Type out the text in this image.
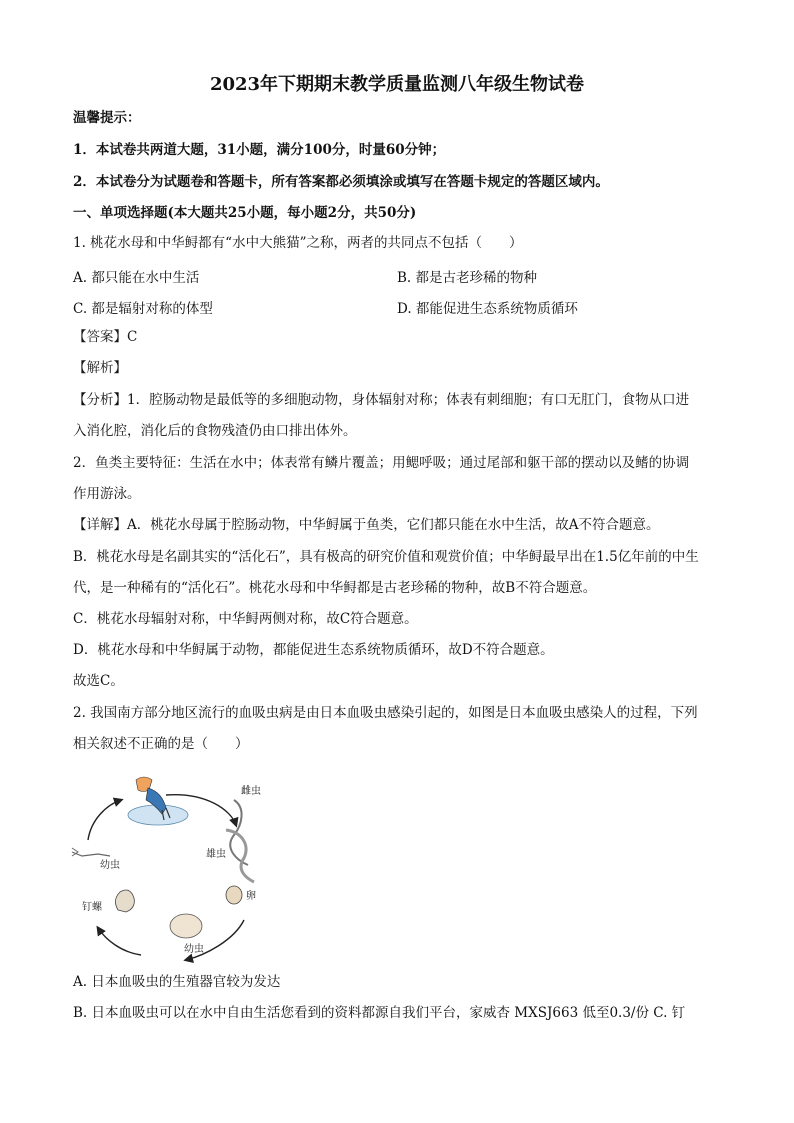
2023年下期期末教学质量监测八年级生物试卷
温馨提示：
1．本试卷共两道大题，31小题，满分100分，时量60分钟；
2．本试卷分为试题卷和答题卡，所有答案都必须填涂或填写在答题卡规定的答题区域内。
一、单项选择题(本大题共25小题，每小题2分，共50分)
1. 桃花水母和中华鲟都有“水中大熊猫”之称，两者的共同点不包括（　　）
A. 都只能在水中生活	B. 都是古老珍稀的物种
C. 都是辐射对称的体型	D. 都能促进生态系统物质循环
【答案】C
【解析】
【分析】1．腔肠动物是最低等的多细胞动物，身体辐射对称；体表有刺细胞；有口无肛门，食物从口进
入消化腔，消化后的食物残渣仍由口排出体外。
2．鱼类主要特征：生活在水中；体表常有鳞片覆盖；用鳃呼吸；通过尾部和躯干部的摆动以及鳍的协调
作用游泳。
【详解】A．桃花水母属于腔肠动物，中华鲟属于鱼类，它们都只能在水中生活，故A不符合题意。
B．桃花水母是名副其实的“活化石”，具有极高的研究价值和观赏价值；中华鲟最早出在1.5亿年前的中生
代，是一种稀有的“活化石”。桃花水母和中华鲟都是古老珍稀的物种，故B不符合题意。
C．桃花水母辐射对称，中华鲟两侧对称，故C符合题意。
D．桃花水母和中华鲟属于动物，都能促进生态系统物质循环，故D不符合题意。
故选C。
2. 我国南方部分地区流行的血吸虫病是由日本血吸虫感染引起的，如图是日本血吸虫感染人的过程，下列
相关叙述不正确的是（　　）
雌虫
雄虫
卵
幼虫
钉螺
幼虫
A. 日本血吸虫的生殖器官较为发达
B. 日本血吸虫可以在水中自由生活您看到的资料都源自我们平台，家威杏 MXSJ663 低至0.3/份 C. 钉
